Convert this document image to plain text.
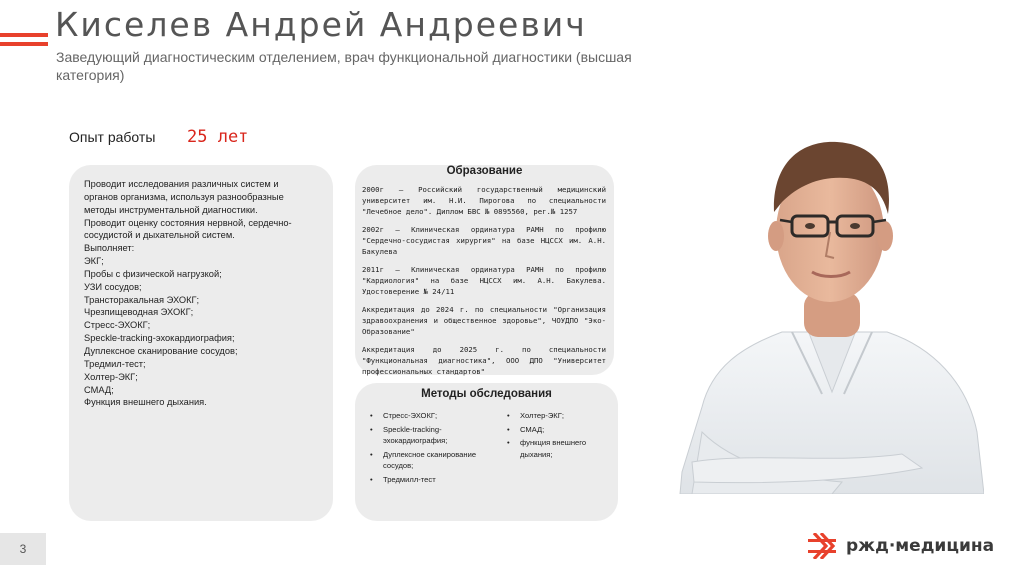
Киселев Андрей Андреевич
Заведующий диагностическим отделением, врач функциональной диагностики (высшая категория)
Опыт работы 25 лет
Проводит исследования различных систем и органов организма, используя разнообразные методы инструментальной диагностики.
Проводит оценку состояния нервной, сердечно-сосудистой и дыхательной систем.
Выполняет:
ЭКГ;
Пробы с физической нагрузкой;
УЗИ сосудов;
Трансторакальная ЭХОКГ;
Чрезпищеводная ЭХОКГ;
Стресс-ЭХОКГ;
Speckle-tracking-эхокардиография;
Дуплексное сканирование сосудов;
Тредмил-тест;
Холтер-ЭКГ;
СМАД;
Функция внешнего дыхания.
Образование
2000г – Российский государственный медицинский университет им. Н.И. Пирогова по специальности "Лечебное дело". Диплом БВС № 0895560, рег.№ 1257
2002г – Клиническая ординатура РАМН по профилю "Сердечно-сосудистая хирургия" на базе НЦССХ им. А.Н. Бакулева
2011г – Клиническая ординатура РАМН по профилю "Кардиология" на базе НЦССХ им. А.Н. Бакулева. Удостоверение № 24/11
Аккредитация до 2024 г. по специальности "Организация здравоохранения и общественное здоровье", ЧОУДПО "Эко-Образование"
Аккредитация до 2025 г. по специальности "Функциональная диагностика", ООО ДПО "Университет профессиональных стандартов"
Методы обследования
• Стресс-ЭХОКГ;
• Speckle-tracking-эхокардиография;
• Дуплексное сканирование сосудов;
• Тредмилл-тест
• Холтер-ЭКГ;
• СМАД;
• функция внешнего дыхания;
3	ржд·медицина
